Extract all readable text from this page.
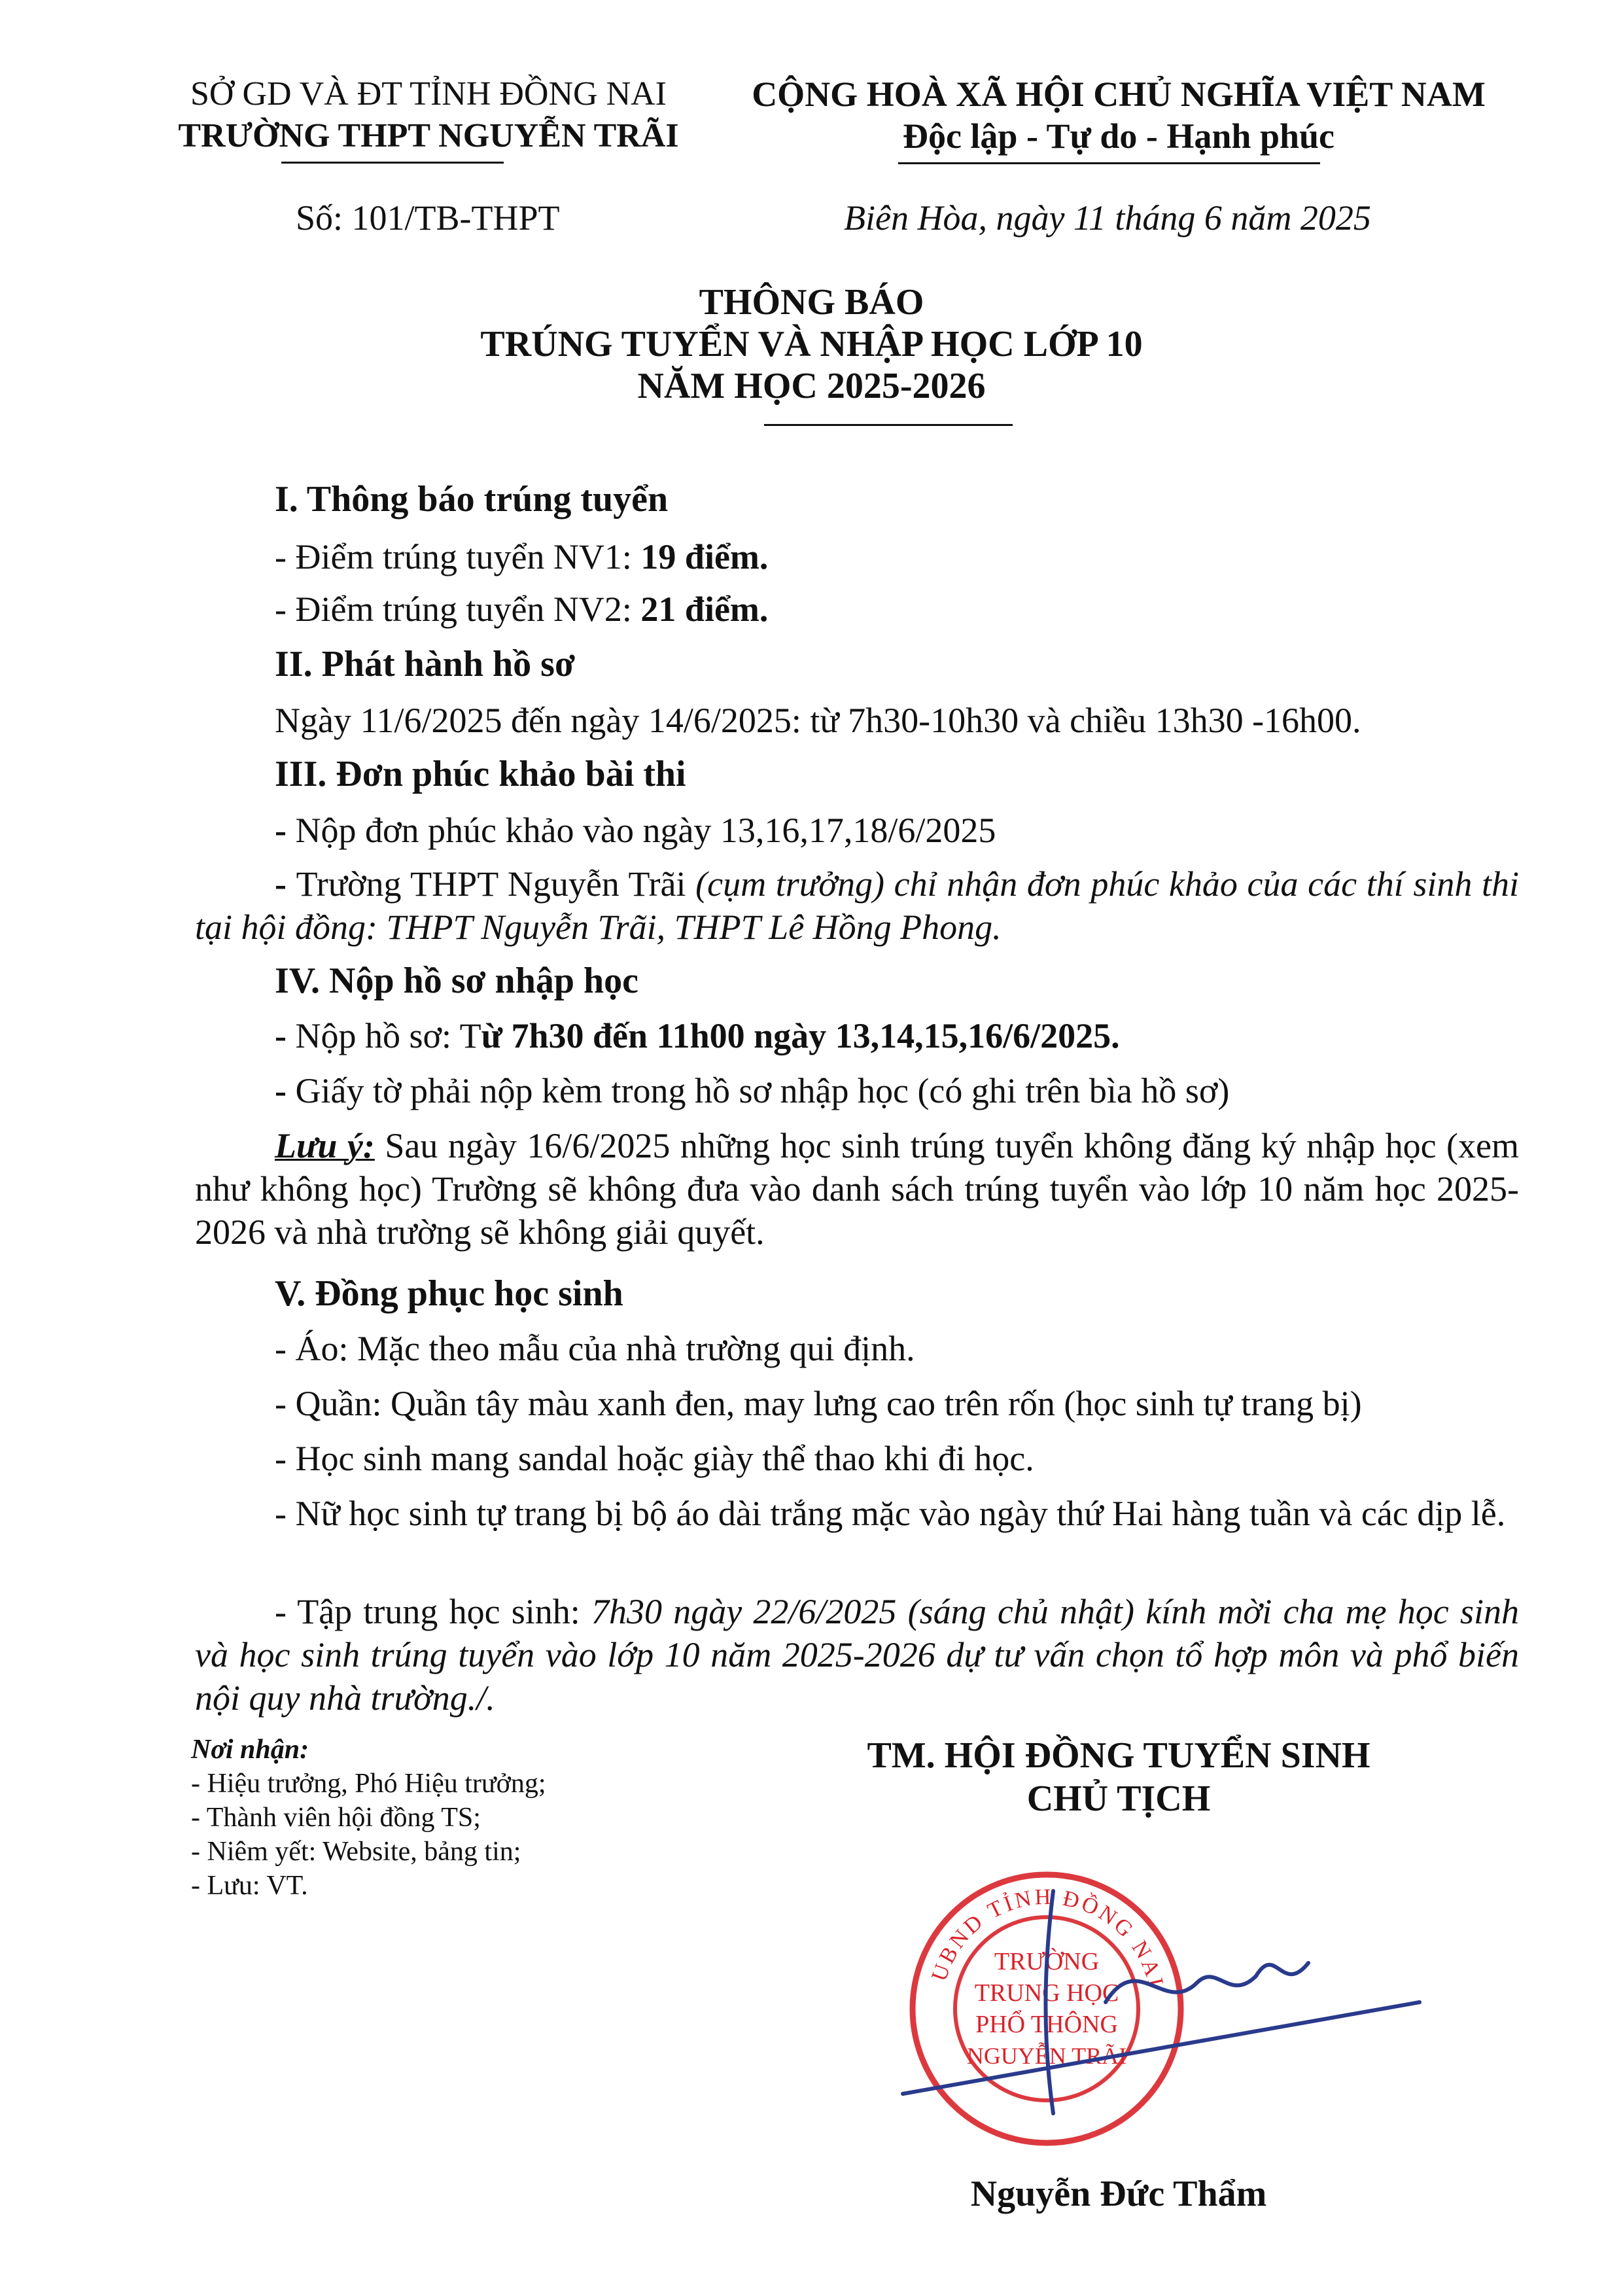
SỞ GD VÀ ĐT TỈNH ĐỒNG NAI
TRƯỜNG THPT NGUYỄN TRÃI
CỘNG HOÀ XÃ HỘI CHỦ NGHĨA VIỆT NAM
Độc lập - Tự do - Hạnh phúc
Số: 101/TB-THPT	Biên Hòa, ngày 11 tháng 6 năm 2025
THÔNG BÁO
TRÚNG TUYỂN VÀ NHẬP HỌC LỚP 10
NĂM HỌC 2025-2026
I. Thông báo trúng tuyển
- Điểm trúng tuyển NV1: 19 điểm.
- Điểm trúng tuyển NV2: 21 điểm.
II. Phát hành hồ sơ
Ngày 11/6/2025 đến ngày 14/6/2025: từ 7h30-10h30 và chiều 13h30 -16h00.
III. Đơn phúc khảo bài thi
- Nộp đơn phúc khảo vào ngày 13,16,17,18/6/2025
- Trường THPT Nguyễn Trãi (cụm trưởng) chỉ nhận đơn phúc khảo của các thí sinh thi tại hội đồng: THPT Nguyễn Trãi, THPT Lê Hồng Phong.
IV. Nộp hồ sơ nhập học
- Nộp hồ sơ: Từ 7h30 đến 11h00 ngày 13,14,15,16/6/2025.
- Giấy tờ phải nộp kèm trong hồ sơ nhập học (có ghi trên bìa hồ sơ)
Lưu ý: Sau ngày 16/6/2025 những học sinh trúng tuyển không đăng ký nhập học (xem như không học) Trường sẽ không đưa vào danh sách trúng tuyển vào lớp 10 năm học 2025-2026 và nhà trường sẽ không giải quyết.
V. Đồng phục học sinh
- Áo: Mặc theo mẫu của nhà trường qui định.
- Quần: Quần tây màu xanh đen, may lưng cao trên rốn (học sinh tự trang bị)
- Học sinh mang sandal hoặc giày thể thao khi đi học.
- Nữ học sinh tự trang bị bộ áo dài trắng mặc vào ngày thứ Hai hàng tuần và các dịp lễ.
- Tập trung học sinh: 7h30 ngày 22/6/2025 (sáng chủ nhật) kính mời cha mẹ học sinh và học sinh trúng tuyển vào lớp 10 năm 2025-2026 dự tư vấn chọn tổ hợp môn và phổ biến nội quy nhà trường./.
Nơi nhận:
- Hiệu trưởng, Phó Hiệu trưởng;
- Thành viên hội đồng TS;
- Niêm yết: Website, bảng tin;
- Lưu: VT.
TM. HỘI ĐỒNG TUYỂN SINH
CHỦ TỊCH
UBND TỈNH ĐỒNG NAI
TRƯỜNG
TRUNG HỌC
PHỔ THÔNG
NGUYỄN TRÃI
Nguyễn Đức Thẩm
